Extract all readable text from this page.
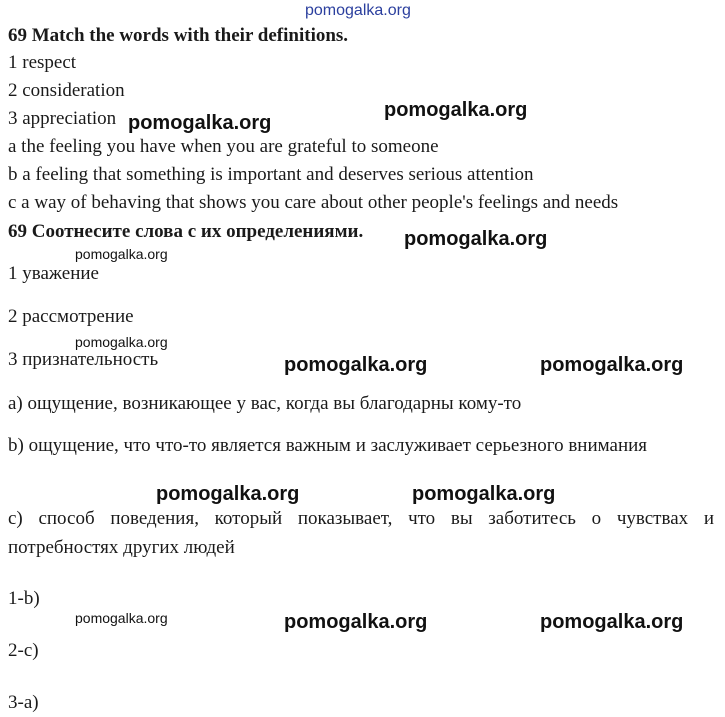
pomogalka.org
69 Match the words with their definitions.
1 respect
2 consideration
3 appreciation
a the feeling you have when you are grateful to someone
b a feeling that something is important and deserves serious attention
c a way of behaving that shows you care about other people's feelings and needs
69 Соотнесите слова с их определениями.
1 уважение
2 рассмотрение
3 признательность
a) ощущение, возникающее у вас, когда вы благодарны кому-то
b) ощущение, что что-то является важным и заслуживает серьезного внимания
c) способ поведения, который показывает, что вы заботитесь о чувствах и потребностях других людей
1-b)
2-c)
3-a)
pomogalka.org
pomogalka.org
pomogalka.org
pomogalka.org
pomogalka.org
pomogalka.org	pomogalka.org
pomogalka.org	pomogalka.org
pomogalka.org	pomogalka.org	pomogalka.org
